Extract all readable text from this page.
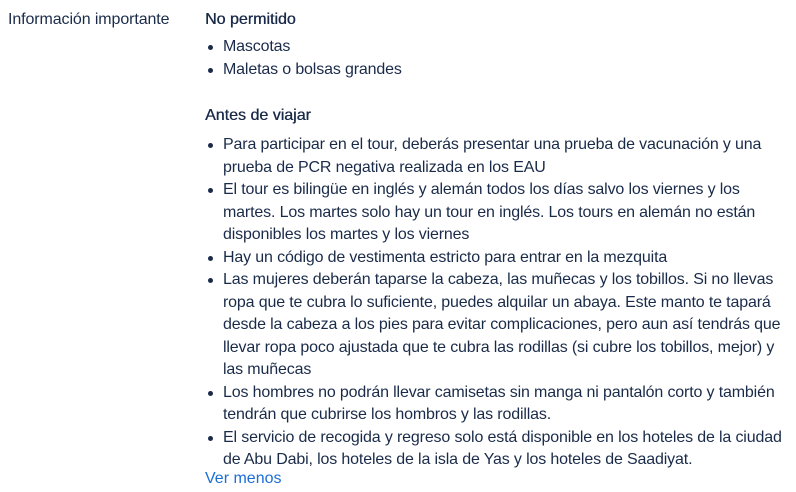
Información importante No permitido
Mascotas
Maletas o bolsas grandes
Antes de viajar
Para participar en el tour, deberás presentar una prueba de vacunación y una prueba de PCR negativa realizada en los EAU
El tour es bilingüe en inglés y alemán todos los días salvo los viernes y los martes. Los martes solo hay un tour en inglés. Los tours en alemán no están disponibles los martes y los viernes
Hay un código de vestimenta estricto para entrar en la mezquita
Las mujeres deberán taparse la cabeza, las muñecas y los tobillos. Si no llevas ropa que te cubra lo suficiente, puedes alquilar un abaya. Este manto te tapará desde la cabeza a los pies para evitar complicaciones, pero aun así tendrás que llevar ropa poco ajustada que te cubra las rodillas (si cubre los tobillos, mejor) y las muñecas
Los hombres no podrán llevar camisetas sin manga ni pantalón corto y también tendrán que cubrirse los hombros y las rodillas.
El servicio de recogida y regreso solo está disponible en los hoteles de la ciudad de Abu Dabi, los hoteles de la isla de Yas y los hoteles de Saadiyat.
Ver menos
